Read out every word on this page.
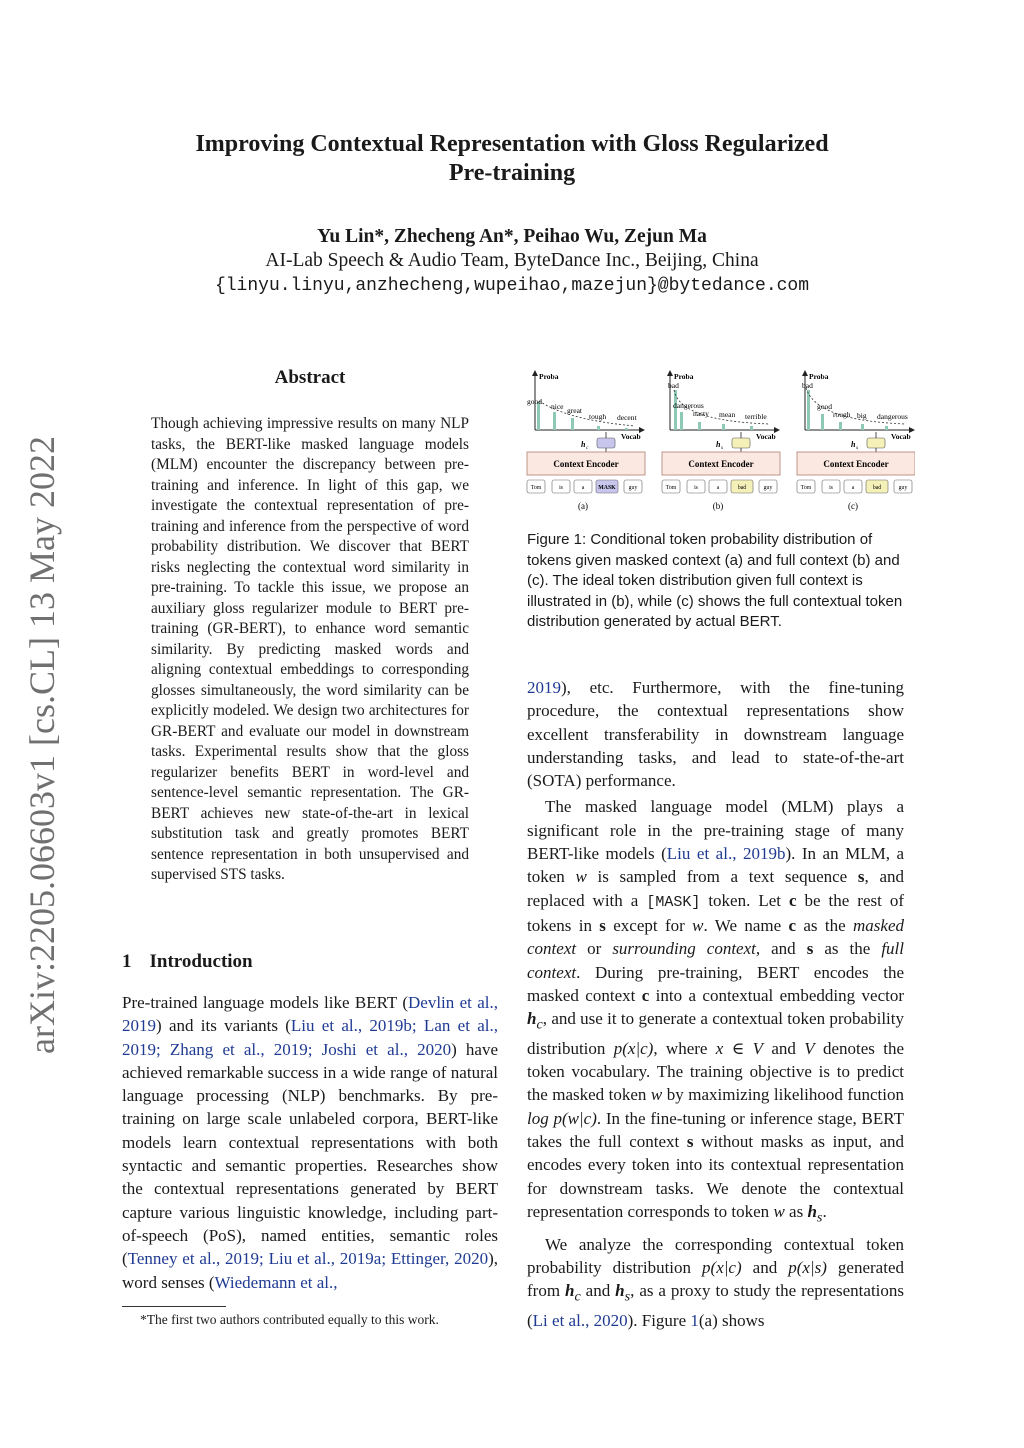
Improving Contextual Representation with Gloss Regularized
Pre-training
Yu Lin*, Zhecheng An*, Peihao Wu, Zejun Ma
AI-Lab Speech & Audio Team, ByteDance Inc., Beijing, China
{linyu.linyu,anzhecheng,wupeihao,mazejun}@bytedance.com
arXiv:2205.06603v1 [cs.CL] 13 May 2022
Abstract
Though achieving impressive results on many NLP tasks, the BERT-like masked language models (MLM) encounter the discrepancy between pre-training and inference. In light of this gap, we investigate the contextual representation of pre-training and inference from the perspective of word probability distribution. We discover that BERT risks neglecting the contextual word similarity in pre-training. To tackle this issue, we propose an auxiliary gloss regularizer module to BERT pre-training (GR-BERT), to enhance word semantic similarity. By predicting masked words and aligning contextual embeddings to corresponding glosses simultaneously, the word similarity can be explicitly modeled. We design two architectures for GR-BERT and evaluate our model in downstream tasks. Experimental results show that the gloss regularizer benefits BERT in word-level and sentence-level semantic representation. The GR-BERT achieves new state-of-the-art in lexical substitution task and greatly promotes BERT sentence representation in both unsupervised and supervised STS tasks.
1 Introduction
Pre-trained language models like BERT (Devlin et al., 2019) and its variants (Liu et al., 2019b; Lan et al., 2019; Zhang et al., 2019; Joshi et al., 2020) have achieved remarkable success in a wide range of natural language processing (NLP) benchmarks. By pre-training on large scale unlabeled corpora, BERT-like models learn contextual representations with both syntactic and semantic properties. Researches show the contextual representations generated by BERT capture various linguistic knowledge, including part-of-speech (PoS), named entities, semantic roles (Tenney et al., 2019; Liu et al., 2019a; Ettinger, 2020), word senses (Wiedemann et al.,
*The first two authors contributed equally to this work.
Proba
Vocab
good
nice great
tough decent
h c
Context Encoder
Tom	is	a MASK guy
(a)
Proba
Vocab
bad
dangerous
nasty mean terrible
h s
Context Encoder
Tom	is	a	bad	guy
(b)
Proba
Vocab
bad
good
rough big dangerous
h s
Context Encoder
Tom	is	a	bad	guy
(c)
Figure 1: Conditional token probability distribution of tokens given masked context (a) and full context (b) and (c). The ideal token distribution given full context is illustrated in (b), while (c) shows the full contextual token distribution generated by actual BERT.

2019), etc. Furthermore, with the fine-tuning procedure, the contextual representations show excellent transferability in downstream language understanding tasks, and lead to state-of-the-art (SOTA) performance.

The masked language model (MLM) plays a significant role in the pre-training stage of many BERT-like models (Liu et al., 2019b). In an MLM, a token w is sampled from a text sequence s, and replaced with a [MASK] token. Let c be the rest of tokens in s except for w. We name c as the masked context or surrounding context, and s as the full context. During pre-training, BERT encodes the masked context c into a contextual embedding vector $h_c$, and use it to generate a contextual token probability distribution p(x|c), where x ∈ V and V denotes the token vocabulary. The training objective is to predict the masked token w by maximizing likelihood function log p(w|c). In the fine-tuning or inference stage, BERT takes the full context s without masks as input, and encodes every token into its contextual representation for downstream tasks. We denote the contextual representation corresponds to token w as $h_s$.

We analyze the corresponding contextual token probability distribution p(x|c) and p(x|s) generated from $h_c$ and $h_s$, as a proxy to study the representations (Li et al., 2020). Figure 1(a) shows
